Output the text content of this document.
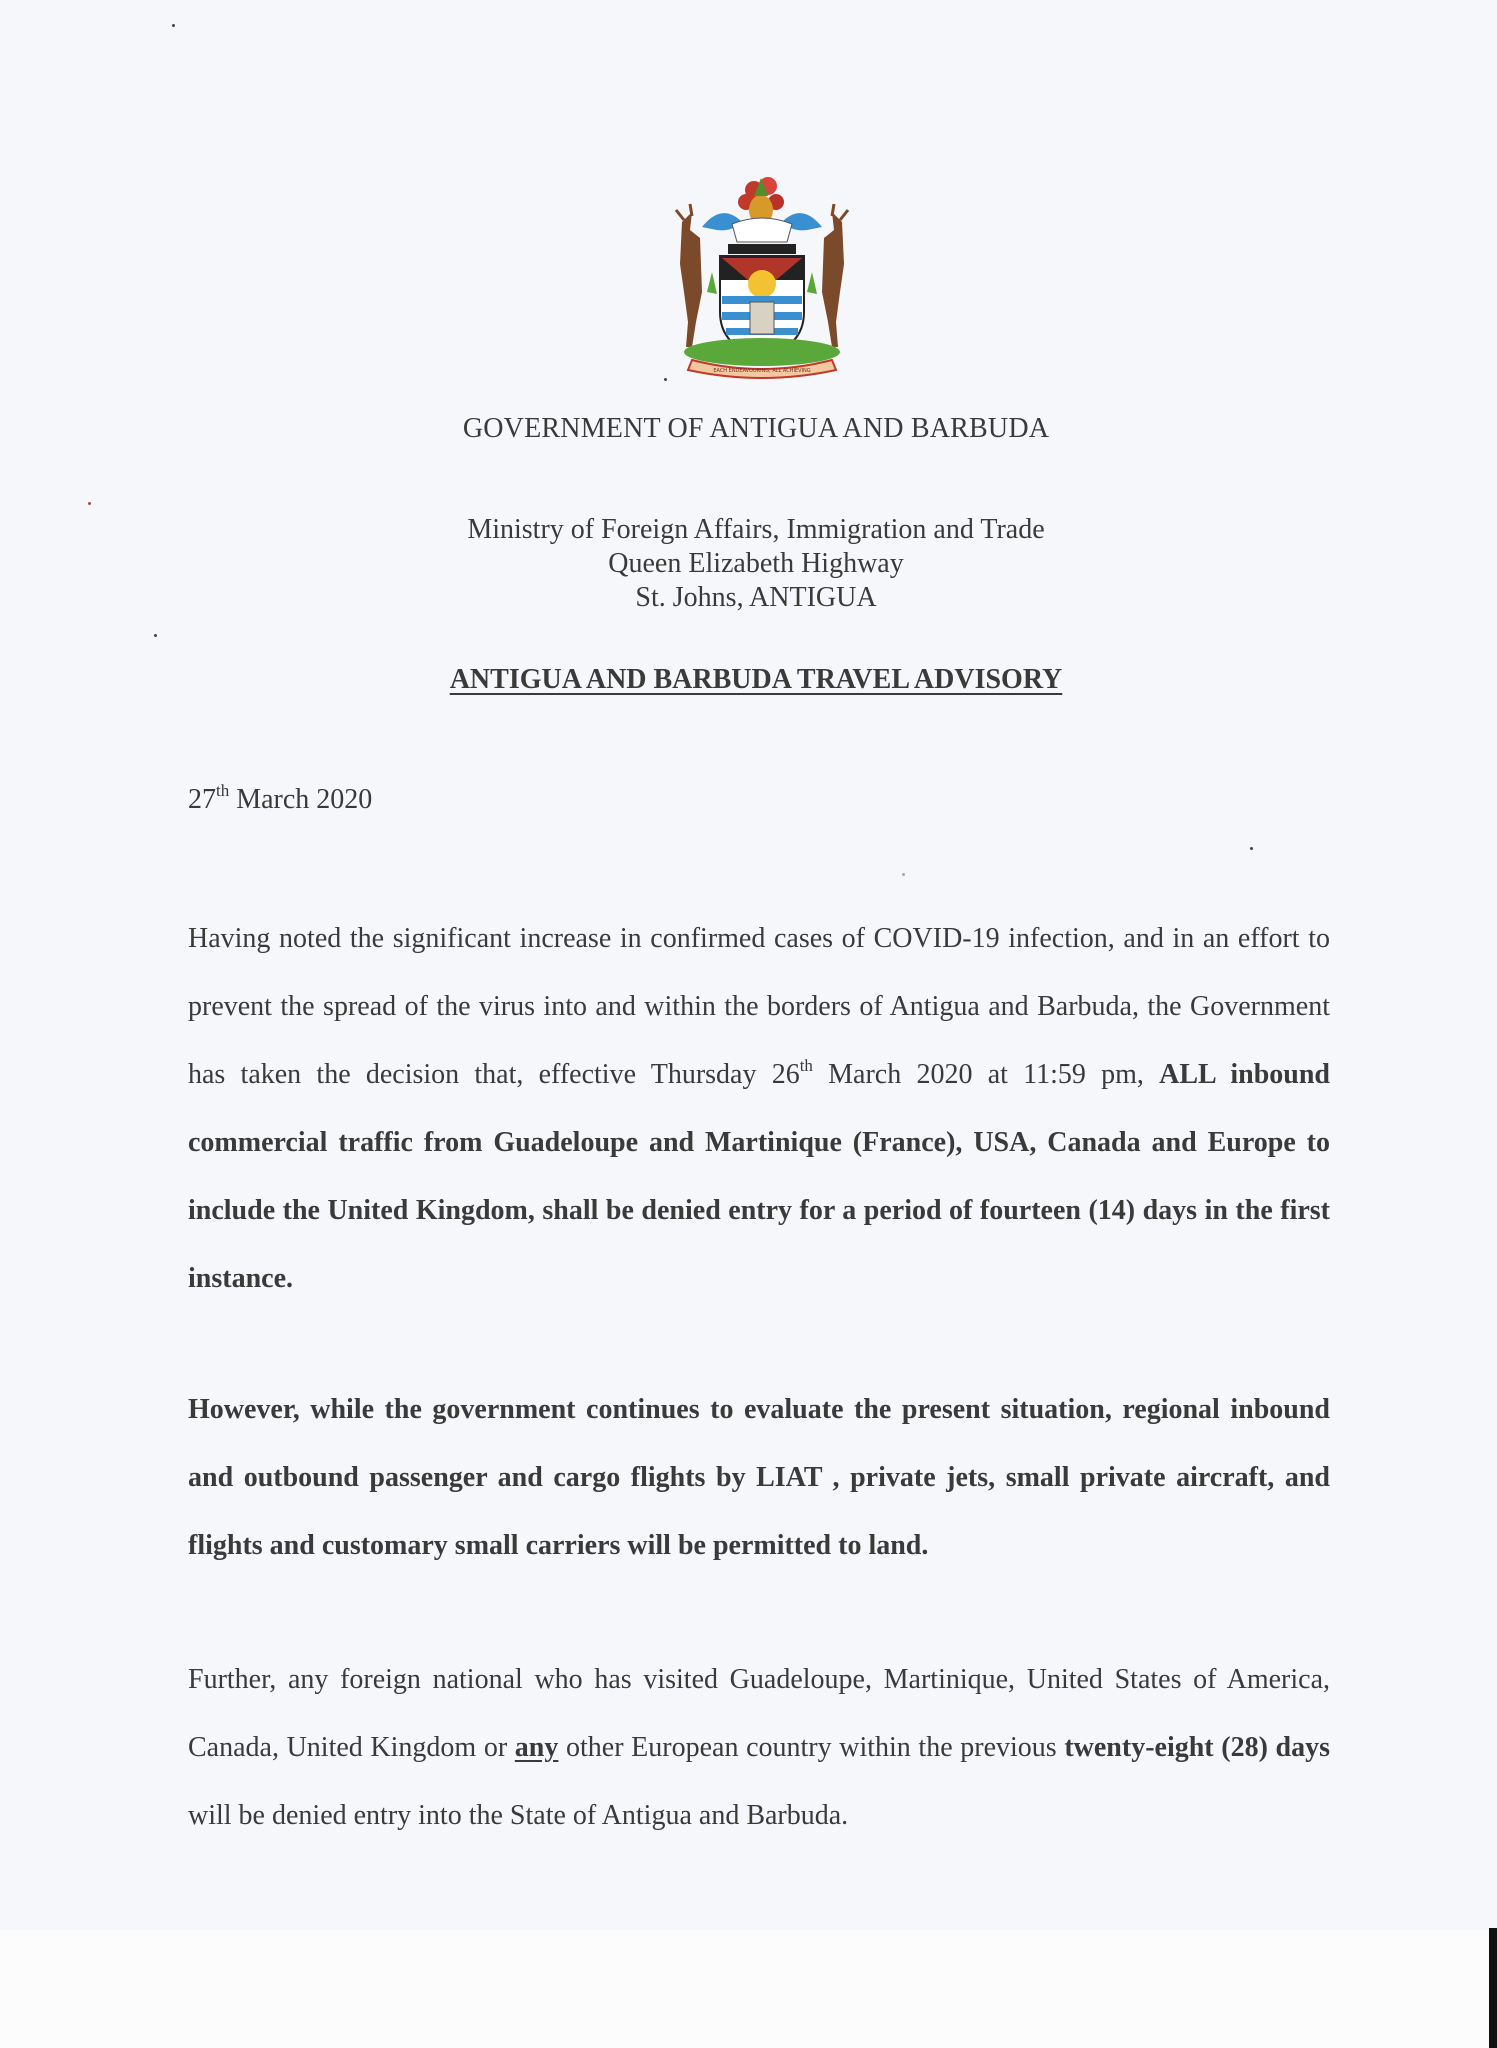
EACH ENDEAVOURING, ALL ACHIEVING
GOVERNMENT OF ANTIGUA AND BARBUDA
Ministry of Foreign Affairs, Immigration and Trade
Queen Elizabeth Highway
St. Johns, ANTIGUA
ANTIGUA AND BARBUDA TRAVEL ADVISORY
27th March 2020
Having noted the significant increase in confirmed cases of COVID-19 infection, and in an effort to prevent the spread of the virus into and within the borders of Antigua and Barbuda, the Government has taken the decision that, effective Thursday 26th March 2020 at 11:59 pm, ALL inbound commercial traffic from Guadeloupe and Martinique (France), USA, Canada and Europe to include the United Kingdom, shall be denied entry for a period of fourteen (14) days in the first instance.
However, while the government continues to evaluate the present situation, regional inbound and outbound passenger and cargo flights by LIAT , private jets, small private aircraft, and flights and customary small carriers will be permitted to land.
Further, any foreign national who has visited Guadeloupe, Martinique, United States of America, Canada, United Kingdom or any other European country within the previous twenty-eight (28) days will be denied entry into the State of Antigua and Barbuda.
